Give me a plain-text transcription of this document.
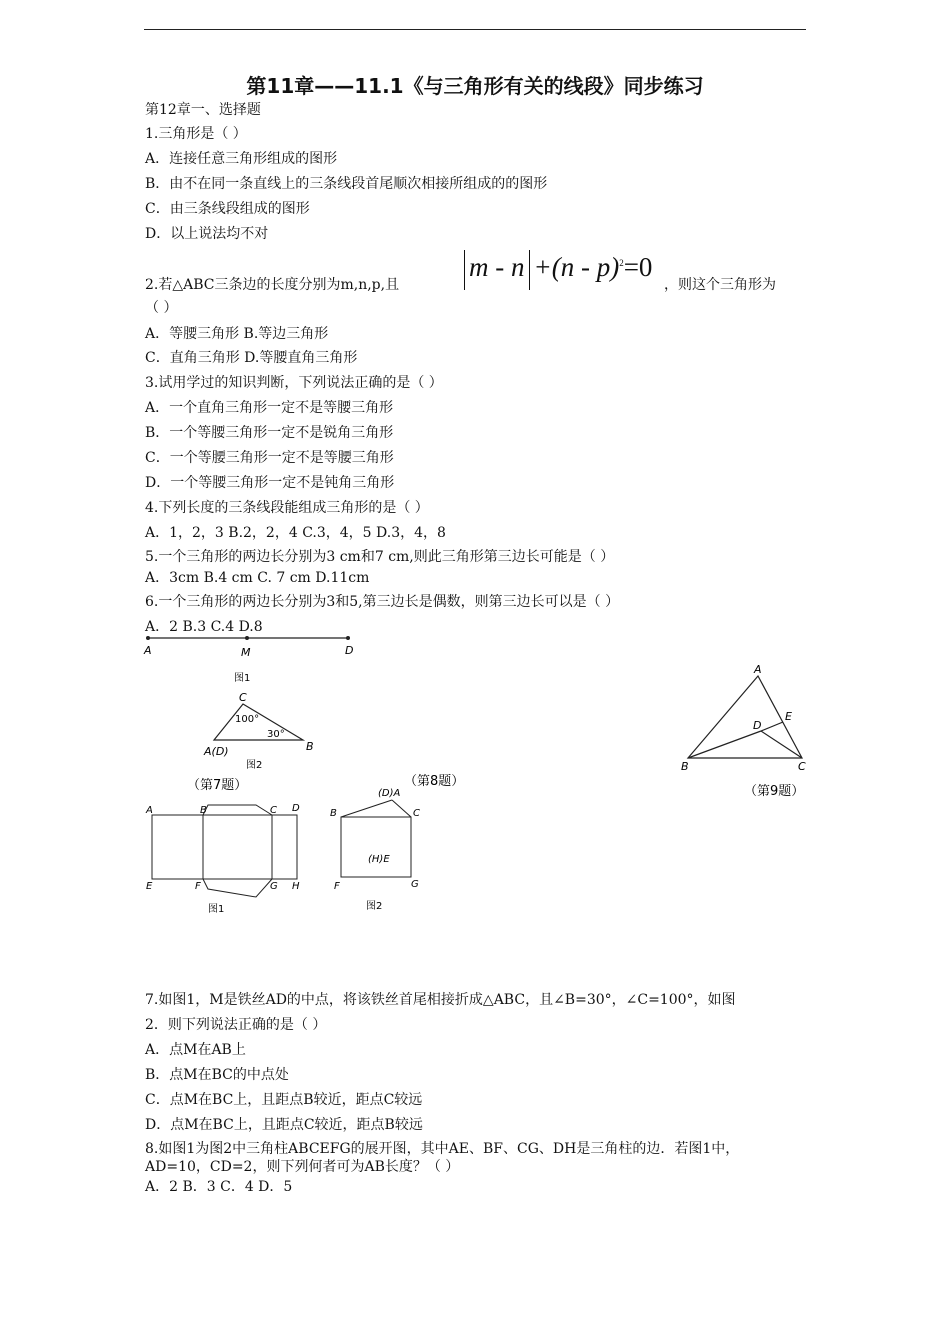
第11章——11.1《与三角形有关的线段》同步练习
第12章一、选择题
1.三角形是（ ）
A．连接任意三角形组成的图形
B．由不在同一条直线上的三条线段首尾顺次相接所组成的的图形
C．由三条线段组成的图形
D．以上说法均不对
2.若△ABC三条边的长度分别为m,n,p,且
m - n +(n - p)$^2$=0
，则这个三角形为
（ ）
A．等腰三角形 B.等边三角形
C．直角三角形 D.等腰直角三角形
3.试用学过的知识判断，下列说法正确的是（ ）
A．一个直角三角形一定不是等腰三角形
B．一个等腰三角形一定不是锐角三角形
C．一个等腰三角形一定不是等腰三角形
D．一个等腰三角形一定不是钝角三角形
4.下列长度的三条线段能组成三角形的是（ ）
A．1，2，3 B.2，2，4 C.3，4，5 D.3，4，8
5.一个三角形的两边长分别为3 cm和7 cm,则此三角形第三边长可能是（ ）
A．3cm B.4 cm C. 7 cm D.11cm
6.一个三角形的两边长分别为3和5,第三边长是偶数，则第三边长可以是（ ）
A．2 B.3 C.4 D.8
A	M	D
图1
C
100°
30°
A(D)	B
图2
（第7题）	（第8题）
A
B	C
D
E
（第9题）
A	B	C D
E	F	G H
图1
(D)A
B	C
(H)E
F	G
图2
7.如图1，M是铁丝AD的中点，将该铁丝首尾相接折成△ABC，且∠B=30°，∠C=100°，如图
2．则下列说法正确的是（ ）
A．点M在AB上
B．点M在BC的中点处
C．点M在BC上，且距点B较近，距点C较远
D．点M在BC上，且距点C较近，距点B较远
8.如图1为图2中三角柱ABCEFG的展开图，其中AE、BF、CG、DH是三角柱的边．若图1中，
AD=10，CD=2，则下列何者可为AB长度？（ ）
A．2 B．3 C．4 D．5
